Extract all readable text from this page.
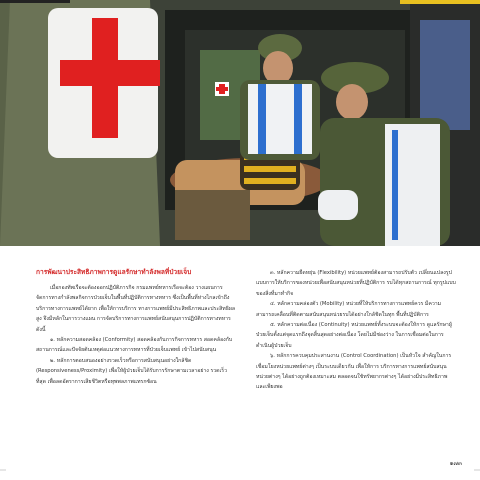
การพัฒนาประสิทธิภาพการดูแลรักษาทำลังพลที่ป่วยเจ็บ

เมื่อกองทัพเรือจะต้องออกปฏิบัติภารกิจ กรมแพทย์ทหารเรือจะต้อง วางแผนการจัดการทางกำลังพลกิจการป่วยเจ็บในพื้นที่ปฏิบัติการทางทหาร ซึ่งเป็นพื้นที่ห่างไกลเข้าถึงบริการทางการแพทย์ได้ยาก เพื่อให้การบริการ ทางการแพทย์มีประสิทธิภาพและประสิทธิผลสูง จึงมีหลักในการวางแผน การจัดบริการทางการแพทย์สนับสนุนการปฏิบัติการทางทหาร ดังนี้

๑. หลักความสอดคล้อง (Conformity) สอดคล้องกับภารกิจการทหาร สอดคล้องกับสถานการณ์และปัจจัยต้นเหตุต่อแนวทางการทหารที่ป่วยเจ็บแพทย์ เข้าไปสนับสนุน

๒. หลักการตอบสนองอย่างรวดเร็วหรือการสนับสนุนอย่างใกล้ชิด (Responsiveness/Proximity) เพื่อให้ผู้ป่วยเจ็บได้รับการรักษาตามเวลาอย่าง รวดเร็วที่สุด เพื่อลดอัตราการเสียชีวิตหรือทุพพลภาพแทรกซ้อน

๓. หลักความยืดหยุ่น (Flexibility) หน่วยแพทย์ต้องสามารถปรับตัว เปลี่ยนแปลงรูปแบบการให้บริการของหน่วยเพื่อสนับสนุนหน่วยที่ปฏิบัติการ รบได้ทุกสถานการณ์ ทุกรูปแบบของสิ่งที่มาทำกิจ

๔. หลักความคล่องตัว (Mobility) หน่วยที่ให้บริการทางการแพทย์ควร มีความสามารถเคลื่อนที่ติดตามสนับสนุนหน่วยรบได้อย่างใกล้ชิดในทุก พื้นที่ปฏิบัติการ

๕. หลักความต่อเนื่อง (Continuity) หน่วยแพทย์ทั้งระบบจะต้องให้การ ดูแลรักษาผู้ป่วยเจ็บตั้งแต่จุดแรกถึงจุดสิ้นสุดอย่างต่อเนื่อง โดยไม่มีช่องว่าง ในการเชื่อมต่อในการดำเนินผู้ป่วยเจ็บ

๖. หลักการควบคุมประสานงาน (Control Coordination) เป็นหัวใจ สำคัญในการเชื่อมโยงหน่วยแพทย์ต่างๆ เป็นระบบเดียวกัน เพื่อให้การ บริการทางการแพทย์สนับสนุนหน่วยต่างๆ ได้อย่างถูกต้องเหมาะสม ตลอดจนใช้ทรัพยากรต่างๆ ได้อย่างมีประสิทธิภาพและเพียงพอ

๑๗๓
